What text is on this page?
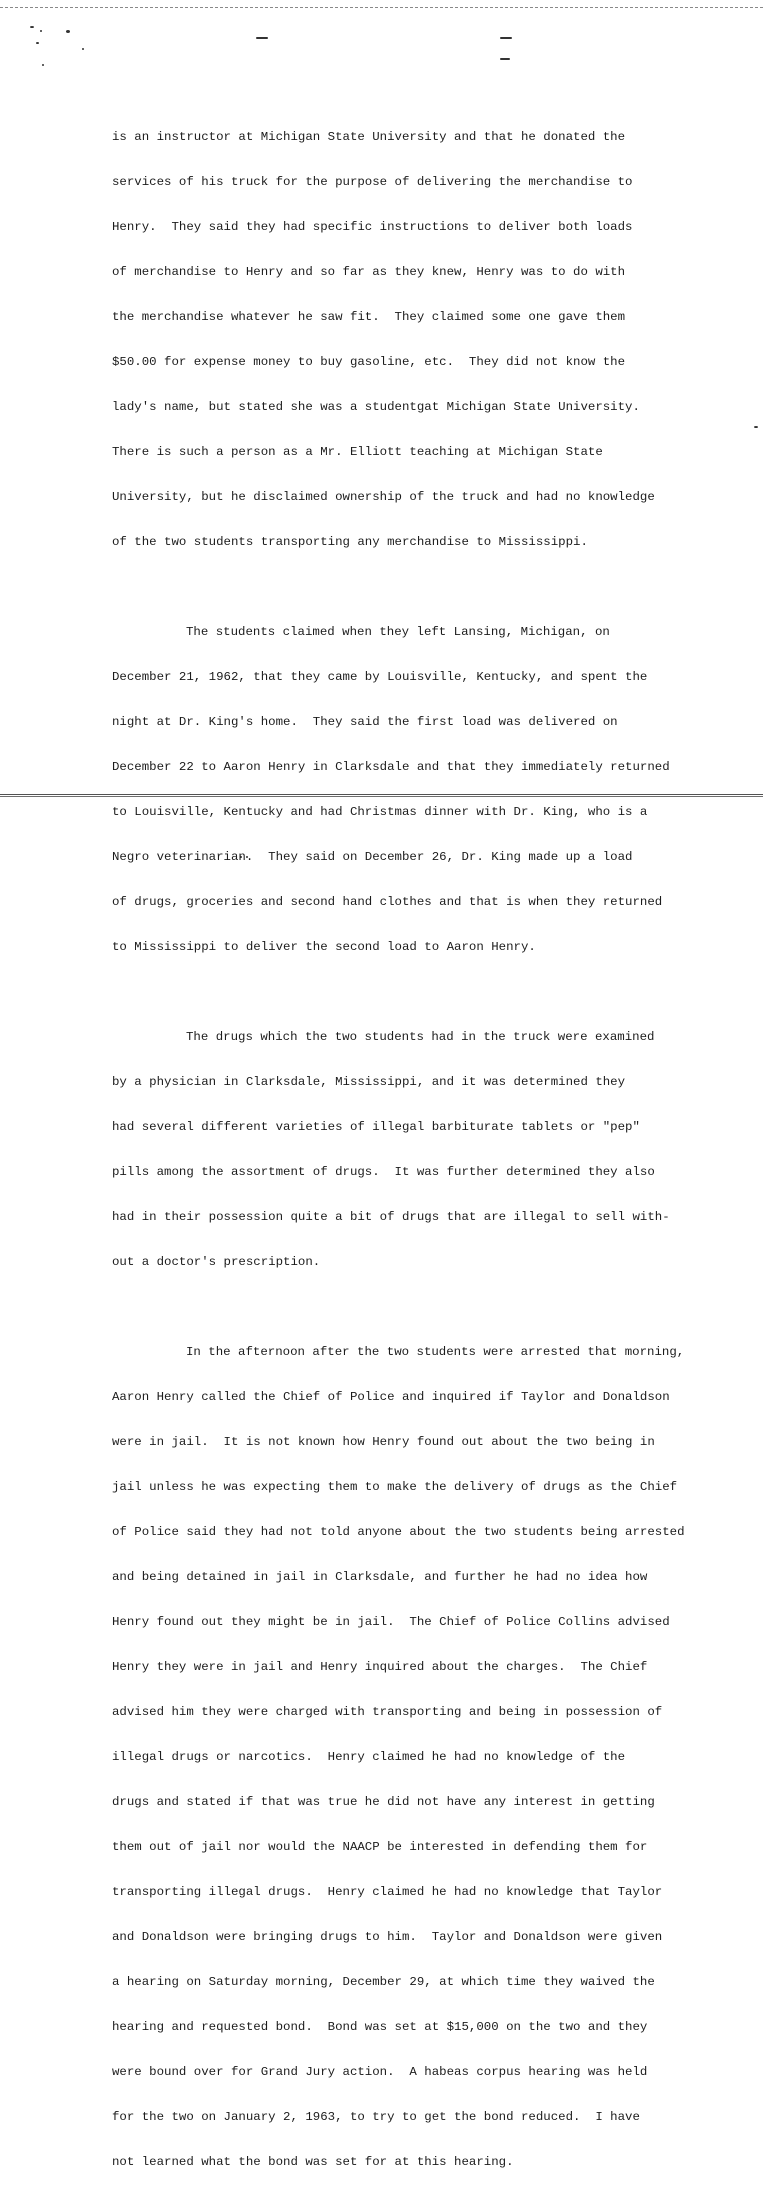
is an instructor at Michigan State University and that he donated the

services of his truck for the purpose of delivering the merchandise to

Henry.  They said they had specific instructions to deliver both loads

of merchandise to Henry and so far as they knew, Henry was to do with

the merchandise whatever he saw fit.  They claimed some one gave them

$50.00 for expense money to buy gasoline, etc.  They did not know the

lady's name, but stated she was a studentgat Michigan State University.

There is such a person as a Mr. Elliott teaching at Michigan State

University, but he disclaimed ownership of the truck and had no knowledge

of the two students transporting any merchandise to Mississippi.

The students claimed when they left Lansing, Michigan, on

December 21, 1962, that they came by Louisville, Kentucky, and spent the

night at Dr. King's home.  They said the first load was delivered on

December 22 to Aaron Henry in Clarksdale and that they immediately returned

to Louisville, Kentucky and had Christmas dinner with Dr. King, who is a

Negro veterinarian.  They said on December 26, Dr. King made up a load

of drugs, groceries and second hand clothes and that is when they returned

to Mississippi to deliver the second load to Aaron Henry.

The drugs which the two students had in the truck were examined

by a physician in Clarksdale, Mississippi, and it was determined they

had several different varieties of illegal barbiturate tablets or "pep"

pills among the assortment of drugs.  It was further determined they also

had in their possession quite a bit of drugs that are illegal to sell with-

out a doctor's prescription.

In the afternoon after the two students were arrested that morning,

Aaron Henry called the Chief of Police and inquired if Taylor and Donaldson

were in jail.  It is not known how Henry found out about the two being in

jail unless he was expecting them to make the delivery of drugs as the Chief

of Police said they had not told anyone about the two students being arrested

and being detained in jail in Clarksdale, and further he had no idea how

Henry found out they might be in jail.  The Chief of Police Collins advised

Henry they were in jail and Henry inquired about the charges.  The Chief

advised him they were charged with transporting and being in possession of

illegal drugs or narcotics.  Henry claimed he had no knowledge of the

drugs and stated if that was true he did not have any interest in getting

them out of jail nor would the NAACP be interested in defending them for

transporting illegal drugs.  Henry claimed he had no knowledge that Taylor

and Donaldson were bringing drugs to him.  Taylor and Donaldson were given

a hearing on Saturday morning, December 29, at which time they waived the

hearing and requested bond.  Bond was set at $15,000 on the two and they

were bound over for Grand Jury action.  A habeas corpus hearing was held

for the two on January 2, 1963, to try to get the bond reduced.  I have

not learned what the bond was set for at this hearing.
